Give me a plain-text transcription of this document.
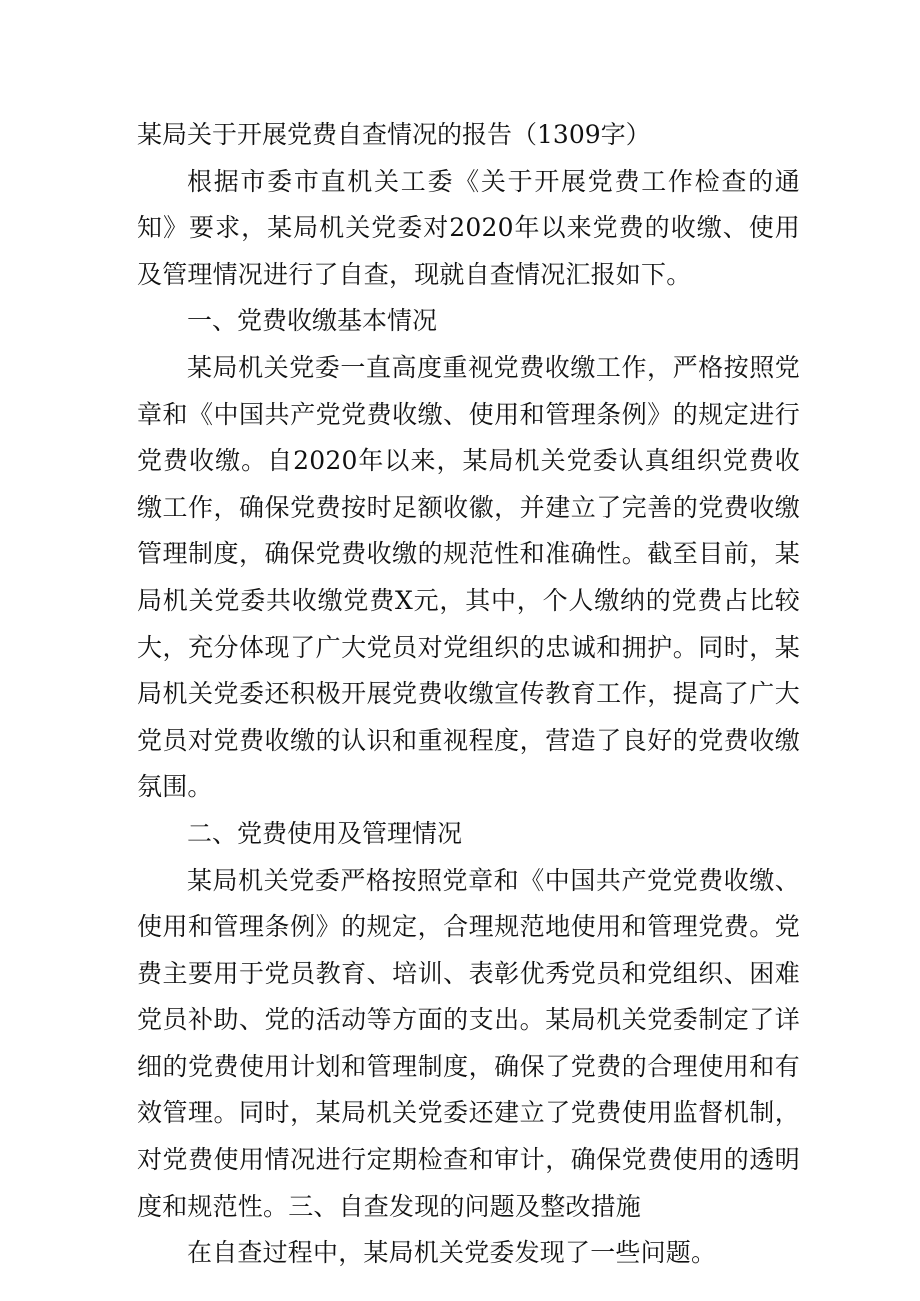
某局关于开展党费自查情况的报告（1309字）

根据市委市直机关工委《关于开展党费工作检查的通知》要求，某局机关党委对2020年以来党费的收缴、使用及管理情况进行了自查，现就自查情况汇报如下。

一、党费收缴基本情况

某局机关党委一直高度重视党费收缴工作，严格按照党章和《中国共产党党费收缴、使用和管理条例》的规定进行党费收缴。自2020年以来，某局机关党委认真组织党费收缴工作，确保党费按时足额收徽，并建立了完善的党费收缴管理制度，确保党费收缴的规范性和准确性。截至目前，某局机关党委共收缴党费X元，其中，个人缴纳的党费占比较大，充分体现了广大党员对党组织的忠诚和拥护。同时，某局机关党委还积极开展党费收缴宣传教育工作，提高了广大党员对党费收缴的认识和重视程度，营造了良好的党费收缴氛围。

二、党费使用及管理情况

某局机关党委严格按照党章和《中国共产党党费收缴、使用和管理条例》的规定，合理规范地使用和管理党费。党费主要用于党员教育、培训、表彰优秀党员和党组织、困难党员补助、党的活动等方面的支出。某局机关党委制定了详细的党费使用计划和管理制度，确保了党费的合理使用和有效管理。同时，某局机关党委还建立了党费使用监督机制，对党费使用情况进行定期检查和审计，确保党费使用的透明度和规范性。三、自查发现的问题及整改措施

在自查过程中，某局机关党委发现了一些问题。
